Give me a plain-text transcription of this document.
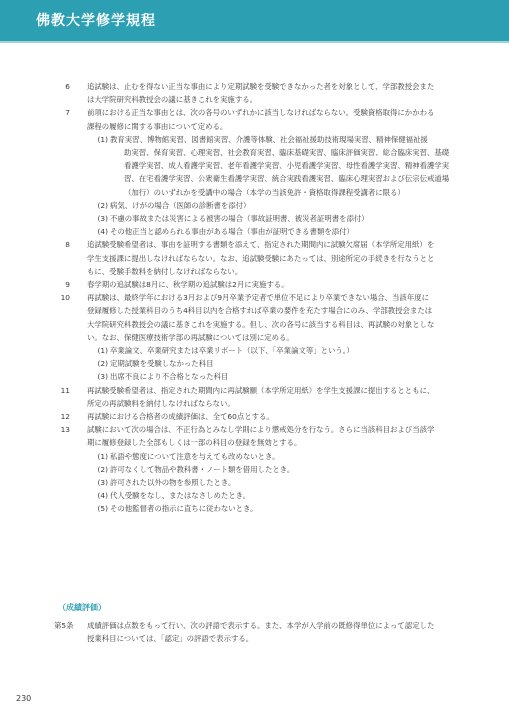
佛教大学修学規程
6 追試験は、止むを得ない正当な事由により定期試験を受験できなかった者を対象として、学部教授会また
は大学院研究科教授会の議に基きこれを実施する。
7 前項における正当な事由とは、次の各号のいずれかに該当しなければならない。受験資格取得にかかわる
課程の履修に関する事由について定める。
(1) 教育実習、博物館実習、図書館実習、介護等体験、社会福祉援助技術現場実習、精神保健福祉援
助実習、保育実習、心理実習、社会教育実習、臨床基礎実習、臨床評価実習、総合臨床実習、基礎
看護学実習、成人看護学実習、老年看護学実習、小児看護学実習、母性看護学実習、精神看護学実
習、在宅看護学実習、公衆衛生看護学実習、統合実践看護実習、臨床心理実習および伝宗伝戒道場
（加行）のいずれかを受講中の場合（本学の当該免許・資格取得課程受講者に限る）
(2) 病気、けがの場合（医師の診断書を添付）
(3) 不慮の事故または災害による被害の場合（事故証明書、被災者証明書を添付）
(4) その他正当と認められる事由がある場合（事由が証明できる書類を添付）
8 追試験受験希望者は、事由を証明する書類を添えて、指定された期間内に試験欠席届（本学所定用紙）を
学生支援課に提出しなければならない。なお、追試験受験にあたっては、別途所定の手続きを行なうとと
もに、受験手数料を納付しなければならない。
9 春学期の追試験は8月に、秋学期の追試験は2月に実施する。
10 再試験は、最終学年における3月および9月卒業予定者で単位不足により卒業できない場合、当該年度に
登録履修した授業科目のうち4科目以内を合格すれば卒業の要件を充たす場合にのみ、学部教授会または
大学院研究科教授会の議に基きこれを実施する。但し、次の各号に該当する科目は、再試験の対象としな
い。なお、保健医療技術学部の再試験については別に定める。
(1) 卒業論文、卒業研究または卒業リポート（以下、「卒業論文等」という。）
(2) 定期試験を受験しなかった科目
(3) 出席不良により不合格となった科目
11 再試験受験希望者は、指定された期間内に再試験願（本学所定用紙）を学生支援課に提出するとともに、
所定の再試験料を納付しなければならない。
12 再試験における合格者の成績評価は、全て60点とする。
13 試験において次の場合は、不正行為とみなし学則により懲戒処分を行なう。さらに当該科目および当該学
期に履修登録した全部もしくは一部の科目の登録を無効とする。
(1) 私語や態度について注意を与えても改めないとき。
(2) 許可なくして物品や教科書・ノート類を借用したとき。
(3) 許可された以外の物を参照したとき。
(4) 代人受験をなし、またはなさしめたとき。
(5) その他監督者の指示に直ちに従わないとき。
（成績評価）
第5条 成績評価は点数をもって行い、次の評語で表示する。また、本学が入学前の既修得単位によって認定した
授業科目については、「認定」の評語で表示する。
230
